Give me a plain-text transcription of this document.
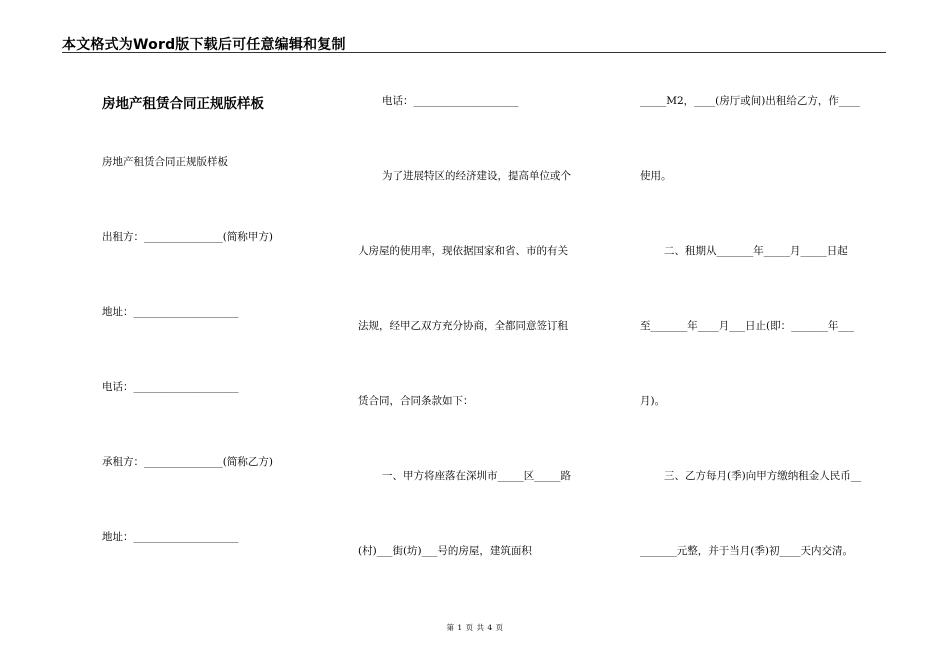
本文格式为Word版下载后可任意编辑和复制
房地产租赁合同正规版样板
房地产租赁合同正规版样板
出租方：_______________(简称甲方)
地址：____________________
电话：____________________
承租方：_______________(简称乙方)
地址：____________________
电话：____________________
为了进展特区的经济建设，提高单位或个
人房屋的使用率，现依据国家和省、市的有关
法规，经甲乙双方充分协商，全都同意签订租
赁合同，合同条款如下：
一、甲方将座落在深圳市_____区_____路
(村)___街(坊)___号的房屋，建筑面积
_____M2，____(房厅或间)出租给乙方，作____
使用。
二、租期从_______年_____月_____日起
至_______年____月___日止(即：_______年___
月)。
三、乙方每月(季)向甲方缴纳租金人民币__
_______元整，并于当月(季)初____天内交清。
第 1 页 共 4 页
